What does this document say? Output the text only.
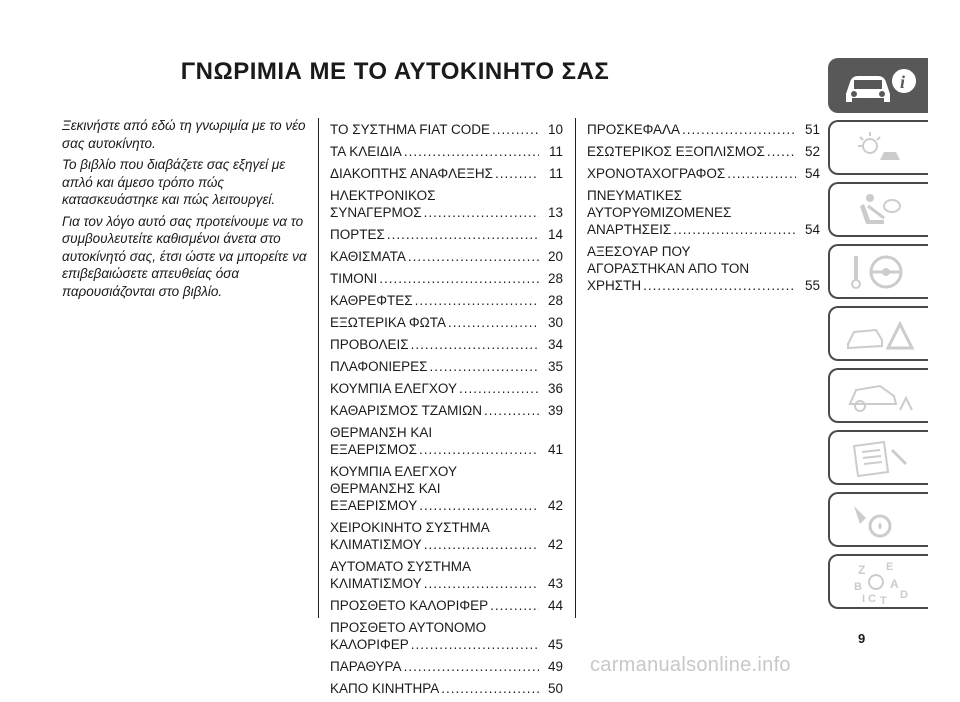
ΓΝΩΡΙΜΙΑ ΜΕ ΤΟ ΑΥΤΟΚΙΝΗΤΟ ΣΑΣ

Ξεκινήστε από εδώ τη γνωριμία με το νέο σας αυτοκίνητο.

Το βιβλίο που διαβάζετε σας εξηγεί με απλό και άμεσο τρόπο πώς κατασκευάστηκε και πώς λειτουργεί.

Για τον λόγο αυτό σας προτείνουμε να το συμβουλευτείτε καθισμένοι άνετα στο αυτοκίνητό σας, έτσι ώστε να μπορείτε να επιβεβαιώσετε απευθείας όσα παρουσιάζονται στο βιβλίο.

ΤΟ ΣΥΣΤΗΜΑ FIAT CODE .....	10
ΤΑ ΚΛΕΙΔΙΑ .....	11
ΔΙΑΚΟΠΤΗΣ ΑΝΑΦΛΕΞΗΣ .....	11
ΗΛΕΚΤΡΟΝΙΚΟΣ
ΣΥΝΑΓΕΡΜΟΣ .....	13
ΠΟΡΤΕΣ .....	14
ΚΑΘΙΣΜΑΤΑ .....	20
ΤΙΜΟΝΙ .....	28
ΚΑΘΡΕΦΤΕΣ .....	28
ΕΞΩΤΕΡΙΚΑ ΦΩΤΑ .....	30
ΠΡΟΒΟΛΕΙΣ .....	34
ΠΛΑΦΟΝΙΕΡΕΣ .....	35
ΚΟΥΜΠΙΑ ΕΛΕΓΧΟΥ .....	36
ΚΑΘΑΡΙΣΜΟΣ ΤΖΑΜΙΩΝ .....	39
ΘΕΡΜΑΝΣΗ ΚΑΙ
ΕΞΑΕΡΙΣΜΟΣ .....	41
ΚΟΥΜΠΙΑ ΕΛΕΓΧΟΥ
ΘΕΡΜΑΝΣΗΣ ΚΑΙ
ΕΞΑΕΡΙΣΜΟΥ .....	42
ΧΕΙΡΟΚΙΝΗΤΟ ΣΥΣΤΗΜΑ
ΚΛΙΜΑΤΙΣΜΟΥ .....	42
ΑΥΤΟΜΑΤΟ ΣΥΣΤΗΜΑ
ΚΛΙΜΑΤΙΣΜΟΥ .....	43
ΠΡΟΣΘΕΤΟ ΚΑΛΟΡΙΦΕΡ .....	44
ΠΡΟΣΘΕΤΟ ΑΥΤΟΝΟΜΟ
ΚΑΛΟΡΙΦΕΡ .....	45
ΠΑΡΑΘΥΡΑ .....	49
ΚΑΠΟ ΚΙΝΗΤΗΡΑ .....	50
ΠΡΟΣΚΕΦΑΛΑ .....	51
ΕΣΩΤΕΡΙΚΟΣ ΕΞΟΠΛΙΣΜΟΣ .....	52
ΧΡΟΝΟΤΑΧΟΓΡΑΦΟΣ .....	54
ΠΝΕΥΜΑΤΙΚΕΣ
ΑΥΤΟΡΥΘΜΙΖΟΜΕΝΕΣ
ΑΝΑΡΤΗΣΕΙΣ .....	54
ΑΞΕΣΟΥΑΡ ΠΟΥ
ΑΓΟΡΑΣΤΗΚΑΝ ΑΠΟ ΤΟΝ
ΧΡΗΣΤΗ .....	55
i
Z E
B A
I C T D
9
carmanualsonline.info
